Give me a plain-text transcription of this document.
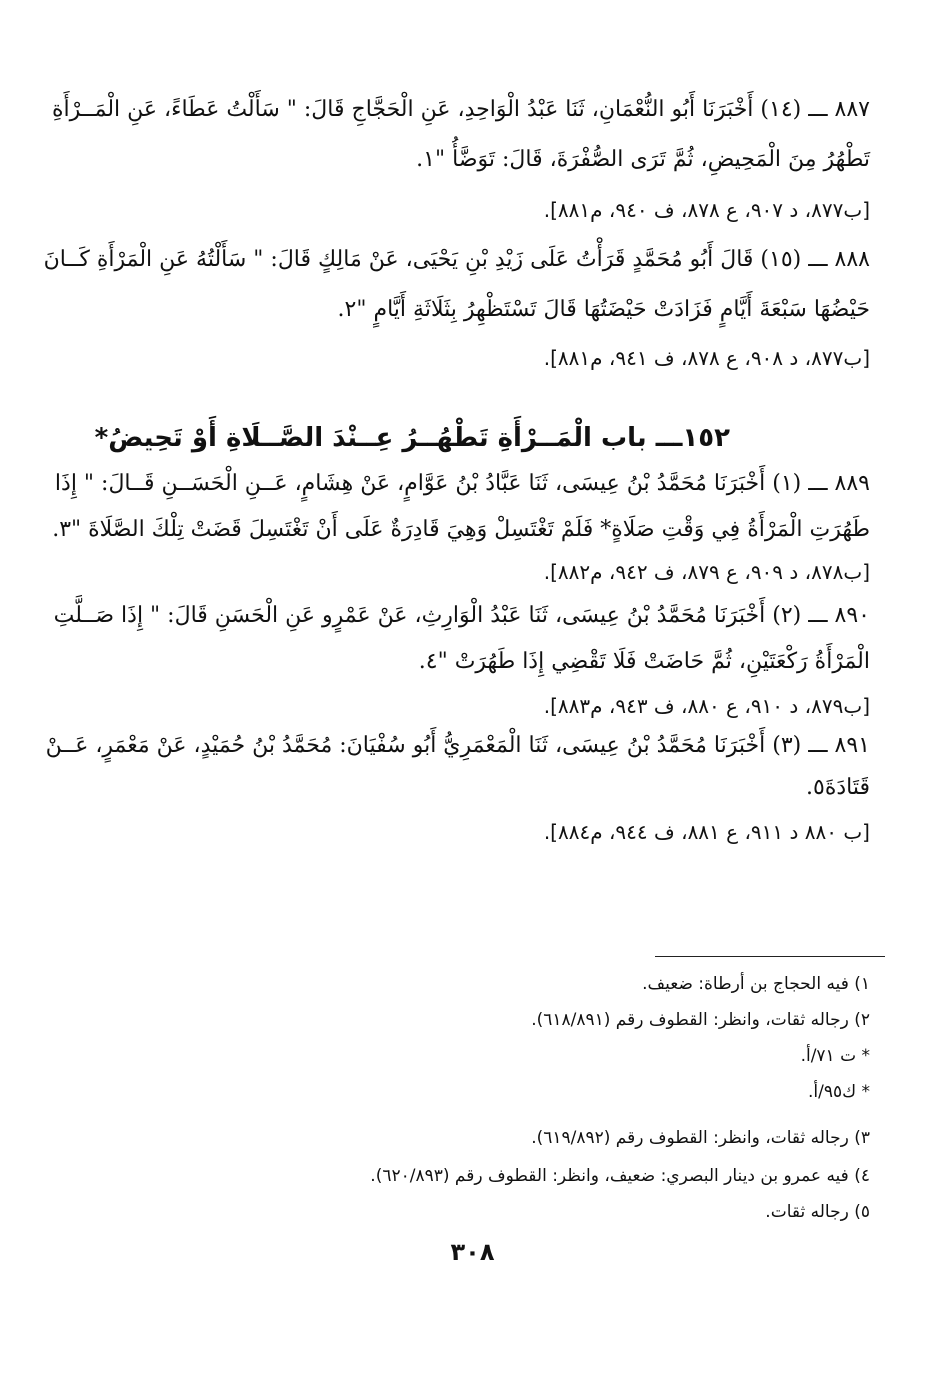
٨٨٧ ـــ (١٤) أَخْبَرَنَا أَبُو النُّعْمَانِ، ثَنَا عَبْدُ الْوَاحِدِ، عَنِ الْحَجَّاجِ قَالَ: " سَأَلْتُ عَطَاءً، عَنِ الْمَــرْأَةِ
تَطْهُرُ مِنَ الْمَحِيضِ، ثُمَّ تَرَى الصُّفْرَةَ، قَالَ: تَوَضَّأُ "١.
[ب٨٧٧، د ٩٠٧، ع ٨٧٨، ف ٩٤٠، م٨٨١].
٨٨٨ ـــ (١٥) قَالَ أَبُو مُحَمَّدٍ قَرَأْتُ عَلَى زَيْدِ بْنِ يَحْيَى، عَنْ مَالِكٍ قَالَ: " سَأَلْتُهُ عَنِ الْمَرْأَةِ كَــانَ
حَيْضُهَا سَبْعَةَ أَيَّامٍ فَزَادَتْ حَيْضَتُهَا قَالَ تَسْتَظْهِرُ بِثَلَاثَةِ أَيَّامٍ "٢.
[ب٨٧٧، د ٩٠٨، ع ٨٧٨، ف ٩٤١، م٨٨١].
١٥٢ـــ باب الْمَــرْأَةِ تَطْهُــرُ عِــنْدَ الصَّــلَاةِ أَوْ تَحِيضُ*
٨٨٩ ـــ (١) أَخْبَرَنَا مُحَمَّدُ بْنُ عِيسَى، ثَنَا عَبَّادُ بْنُ عَوَّامٍ، عَنْ هِشَامٍ، عَــنِ الْحَسَــنِ قَــالَ: " إِذَا
طَهُرَتِ الْمَرْأَةُ فِي وَقْتِ صَلَاةٍ* فَلَمْ تَغْتَسِلْ وَهِيَ قَادِرَةٌ عَلَى أَنْ تَغْتَسِلَ قَضَتْ تِلْكَ الصَّلَاةَ "٣.
[ب٨٧٨، د ٩٠٩، ع ٨٧٩، ف ٩٤٢، م٨٨٢].
٨٩٠ ـــ (٢) أَخْبَرَنَا مُحَمَّدُ بْنُ عِيسَى، ثَنَا عَبْدُ الْوَارِثِ، عَنْ عَمْرٍو عَنِ الْحَسَنِ قَالَ: " إِذَا صَــلَّتِ
الْمَرْأَةُ رَكْعَتَيْنِ، ثُمَّ حَاضَتْ فَلَا تَقْضِي إِذَا طَهُرَتْ "٤.
[ب٨٧٩، د ٩١٠، ع ٨٨٠، ف ٩٤٣، م٨٨٣].
٨٩١ ـــ (٣) أَخْبَرَنَا مُحَمَّدُ بْنُ عِيسَى، ثَنَا الْمَعْمَرِيُّ أَبُو سُفْيَانَ: مُحَمَّدُ بْنُ حُمَيْدٍ، عَنْ مَعْمَرٍ، عَــنْ
قَتَادَةَ٥.
[ب ٨٨٠ د ٩١١، ع ٨٨١، ف ٩٤٤، م٨٨٤].
١) فيه الحجاج بن أرطاة: ضعيف.
٢) رجاله ثقات، وانظر: القطوف رقم (٦١٨/٨٩١).
* ت ٧١/أ.
* ك٩٥/أ.
٣) رجاله ثقات، وانظر: القطوف رقم (٦١٩/٨٩٢).
٤) فيه عمرو بن دينار البصري: ضعيف، وانظر: القطوف رقم (٦٢٠/٨٩٣).
٥) رجاله ثقات.
٣٠٨
